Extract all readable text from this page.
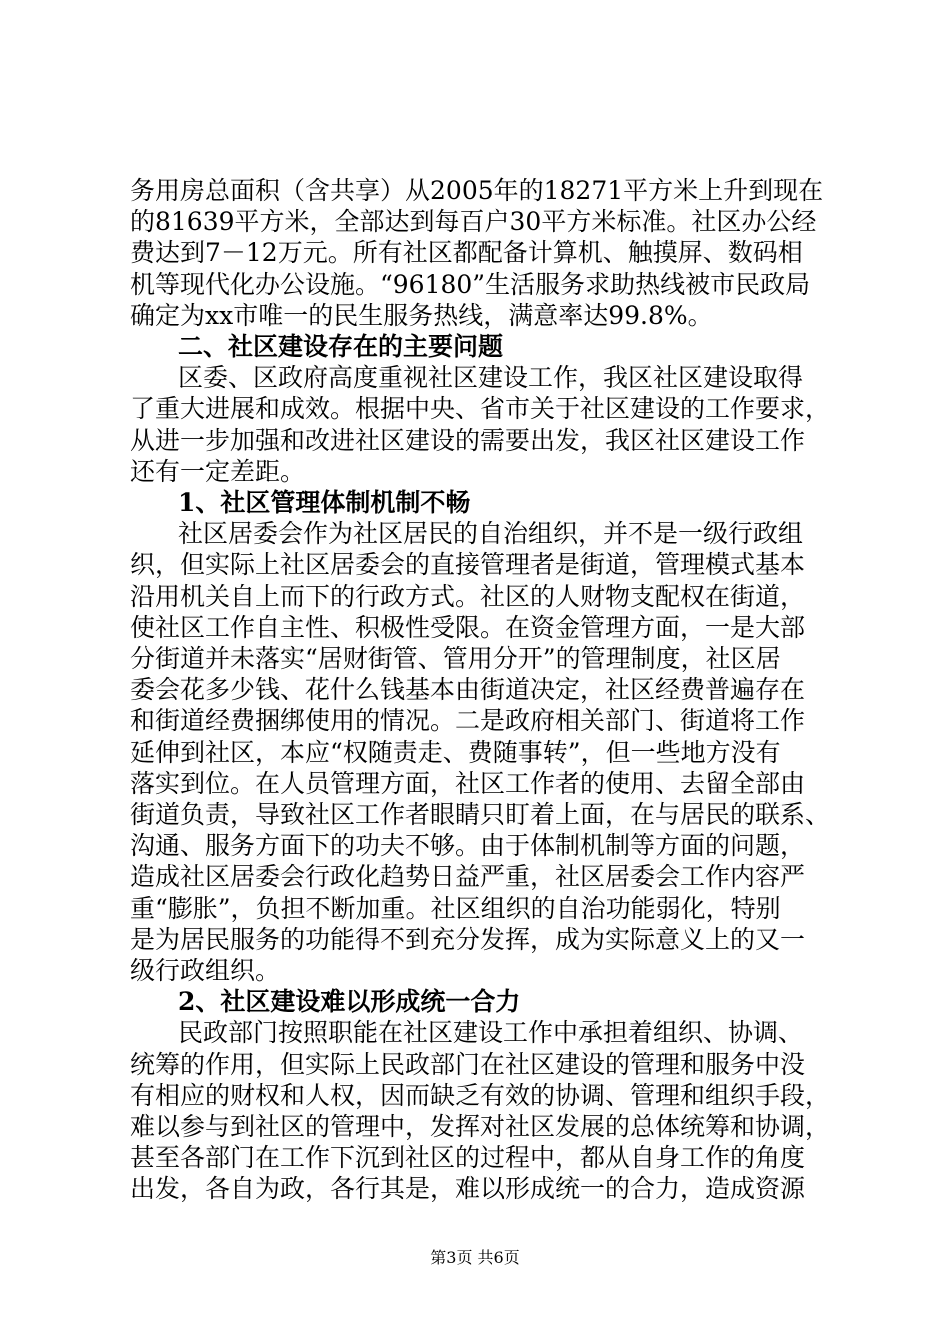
务用房总面积（含共享）从2005年的18271平方米上升到现在
的81639平方米，全部达到每百户30平方米标准。社区办公经
费达到7－12万元。所有社区都配备计算机、触摸屏、数码相
机等现代化办公设施。“96180”生活服务求助热线被市民政局
确定为xx市唯一的民生服务热线，满意率达99.8%。
二、社区建设存在的主要问题
区委、区政府高度重视社区建设工作，我区社区建设取得
了重大进展和成效。根据中央、省市关于社区建设的工作要求，
从进一步加强和改进社区建设的需要出发，我区社区建设工作
还有一定差距。
1、社区管理体制机制不畅
社区居委会作为社区居民的自治组织，并不是一级行政组
织，但实际上社区居委会的直接管理者是街道，管理模式基本
沿用机关自上而下的行政方式。社区的人财物支配权在街道，
使社区工作自主性、积极性受限。在资金管理方面，一是大部
分街道并未落实“居财街管、管用分开”的管理制度，社区居
委会花多少钱、花什么钱基本由街道决定，社区经费普遍存在
和街道经费捆绑使用的情况。二是政府相关部门、街道将工作
延伸到社区，本应“权随责走、费随事转”，但一些地方没有
落实到位。在人员管理方面，社区工作者的使用、去留全部由
街道负责，导致社区工作者眼睛只盯着上面，在与居民的联系、
沟通、服务方面下的功夫不够。由于体制机制等方面的问题，
造成社区居委会行政化趋势日益严重，社区居委会工作内容严
重“膨胀”，负担不断加重。社区组织的自治功能弱化，特别
是为居民服务的功能得不到充分发挥，成为实际意义上的又一
级行政组织。
2、社区建设难以形成统一合力
民政部门按照职能在社区建设工作中承担着组织、协调、
统筹的作用，但实际上民政部门在社区建设的管理和服务中没
有相应的财权和人权，因而缺乏有效的协调、管理和组织手段，
难以参与到社区的管理中，发挥对社区发展的总体统筹和协调，
甚至各部门在工作下沉到社区的过程中，都从自身工作的角度
第3页 共6页
出发，各自为政，各行其是，难以形成统一的合力，造成资源
